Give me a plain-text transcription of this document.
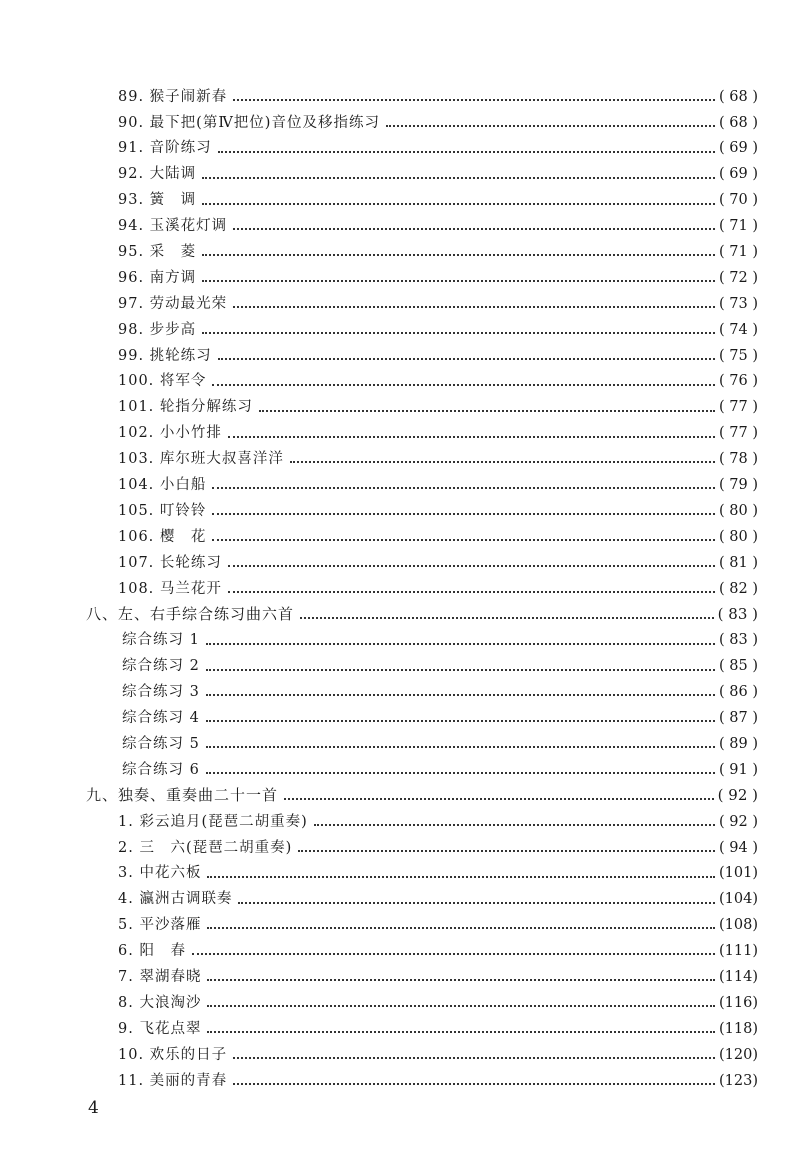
89. 猴子闹新春	( 68 )
90. 最下把(第Ⅳ把位)音位及移指练习	( 68 )
91. 音阶练习	( 69 )
92. 大陆调	( 69 )
93. 簧　调	( 70 )
94. 玉溪花灯调	( 71 )
95. 采　菱	( 71 )
96. 南方调	( 72 )
97. 劳动最光荣	( 73 )
98. 步步高	( 74 )
99. 挑轮练习	( 75 )
100. 将军令	( 76 )
101. 轮指分解练习	( 77 )
102. 小小竹排	( 77 )
103. 库尔班大叔喜洋洋	( 78 )
104. 小白船	( 79 )
105. 叮铃铃	( 80 )
106. 樱　花	( 80 )
107. 长轮练习	( 81 )
108. 马兰花开	( 82 )
八、左、右手综合练习曲六首	( 83 )
综合练习 1	( 83 )
综合练习 2	( 85 )
综合练习 3	( 86 )
综合练习 4	( 87 )
综合练习 5	( 89 )
综合练习 6	( 91 )
九、独奏、重奏曲二十一首	( 92 )
1. 彩云追月(琵琶二胡重奏)	( 92 )
2. 三　六(琵琶二胡重奏)	( 94 )
3. 中花六板	(101)
4. 瀛洲古调联奏	(104)
5. 平沙落雁	(108)
6. 阳　春	(111)
7. 翠湖春晓	(114)
8. 大浪淘沙	(116)
9. 飞花点翠	(118)
10. 欢乐的日子	(120)
11. 美丽的青春	(123)
4
